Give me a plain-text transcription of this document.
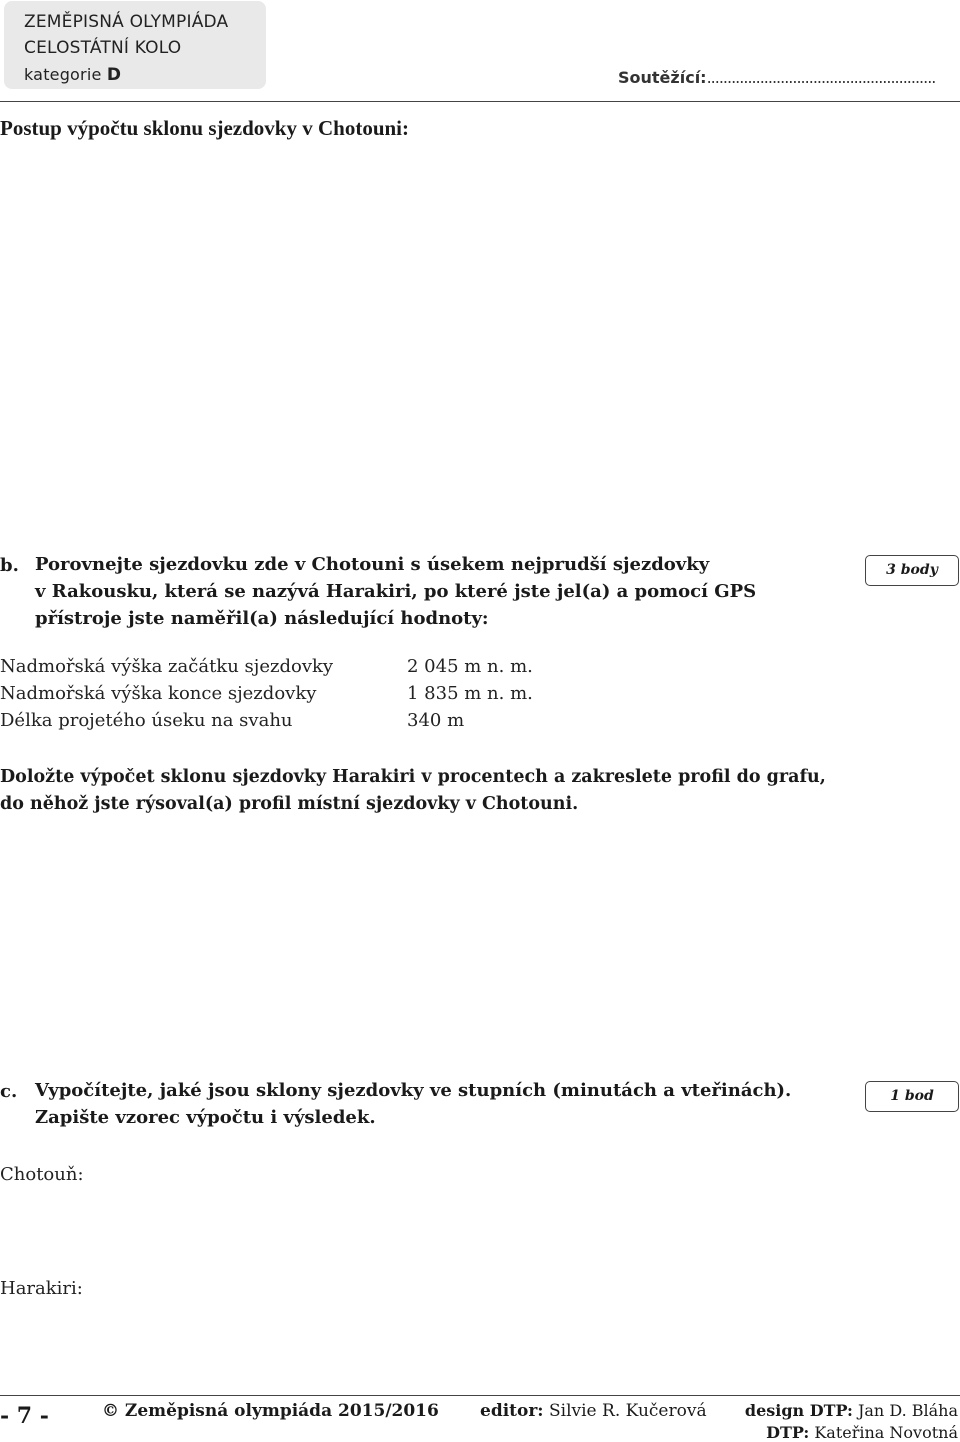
ZEMĚPISNÁ OLYMPIÁDA
CELOSTÁTNÍ KOLO
kategorie D	Soutěžící:........................................................
Postup výpočtu sklonu sjezdovky v Chotouni:
b. Porovnejte sjezdovku zde v Chotouni s úsekem nejprudší sjezdovky
v Rakousku, která se nazývá Harakiri, po které jste jel(a) a pomocí GPS
přístroje jste naměřil(a) následující hodnoty:
3 body
Nadmořská výška začátku sjezdovky	2 045 m n. m.
Nadmořská výška konce sjezdovky	1 835 m n. m.
Délka projetého úseku na svahu	340 m
Doložte výpočet sklonu sjezdovky Harakiri v procentech a zakreslete profil do grafu,
do něhož jste rýsoval(a) profil místní sjezdovky v Chotouni.
c. Vypočítejte, jaké jsou sklony sjezdovky ve stupních (minutách a vteřinách).
Zapište vzorec výpočtu i výsledek.
1 bod
Chotouň:
Harakiri:
- 7 -	© Zeměpisná olympiáda 2015/2016 editor: Silvie R. Kučerová design DTP: Jan D. Bláha
DTP: Kateřina Novotná
